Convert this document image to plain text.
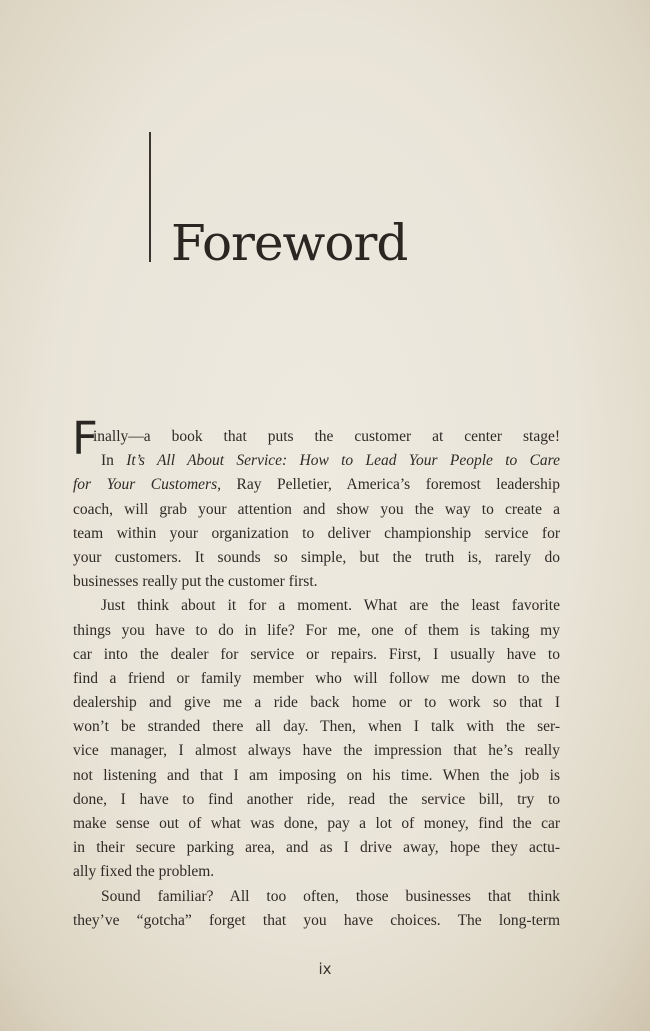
Foreword
F
inally—a book that puts the customer at center stage!
In It’s All About Service: How to Lead Your People to Care
for Your Customers, Ray Pelletier, America’s foremost leadership
coach, will grab your attention and show you the way to create a
team within your organization to deliver championship service for
your customers. It sounds so simple, but the truth is, rarely do
businesses really put the customer first.
Just think about it for a moment. What are the least favorite
things you have to do in life? For me, one of them is taking my
car into the dealer for service or repairs. First, I usually have to
find a friend or family member who will follow me down to the
dealership and give me a ride back home or to work so that I
won’t be stranded there all day. Then, when I talk with the ser-
vice manager, I almost always have the impression that he’s really
not listening and that I am imposing on his time. When the job is
done, I have to find another ride, read the service bill, try to
make sense out of what was done, pay a lot of money, find the car
in their secure parking area, and as I drive away, hope they actu-
ally fixed the problem.
Sound familiar? All too often, those businesses that think
they’ve “gotcha” forget that you have choices. The long-term
ix
